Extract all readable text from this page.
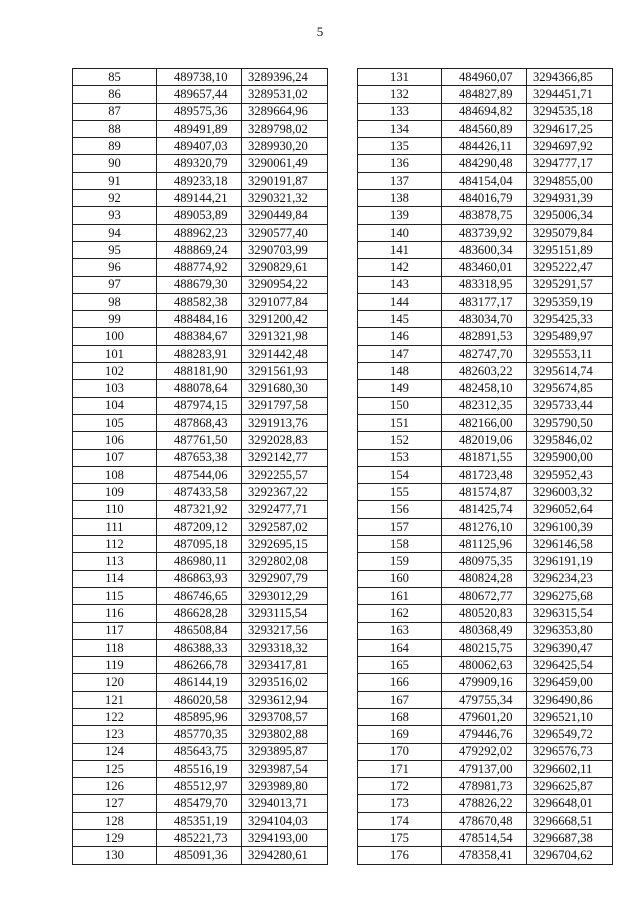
5
85	489738,10	3289396,24
86	489657,44	3289531,02
87	489575,36	3289664,96
88	489491,89	3289798,02
89	489407,03	3289930,20
90	489320,79	3290061,49
91	489233,18	3290191,87
92	489144,21	3290321,32
93	489053,89	3290449,84
94	488962,23	3290577,40
95	488869,24	3290703,99
96	488774,92	3290829,61
97	488679,30	3290954,22
98	488582,38	3291077,84
99	488484,16	3291200,42
100	488384,67	3291321,98
101	488283,91	3291442,48
102	488181,90	3291561,93
103	488078,64	3291680,30
104	487974,15	3291797,58
105	487868,43	3291913,76
106	487761,50	3292028,83
107	487653,38	3292142,77
108	487544,06	3292255,57
109	487433,58	3292367,22
110	487321,92	3292477,71
111	487209,12	3292587,02
112	487095,18	3292695,15
113	486980,11	3292802,08
114	486863,93	3292907,79
115	486746,65	3293012,29
116	486628,28	3293115,54
117	486508,84	3293217,56
118	486388,33	3293318,32
119	486266,78	3293417,81
120	486144,19	3293516,02
121	486020,58	3293612,94
122	485895,96	3293708,57
123	485770,35	3293802,88
124	485643,75	3293895,87
125	485516,19	3293987,54
126	485512,97	3293989,80
127	485479,70	3294013,71
128	485351,19	3294104,03
129	485221,73	3294193,00
130	485091,36	3294280,61
131	484960,07	3294366,85
132	484827,89	3294451,71
133	484694,82	3294535,18
134	484560,89	3294617,25
135	484426,11	3294697,92
136	484290,48	3294777,17
137	484154,04	3294855,00
138	484016,79	3294931,39
139	483878,75	3295006,34
140	483739,92	3295079,84
141	483600,34	3295151,89
142	483460,01	3295222,47
143	483318,95	3295291,57
144	483177,17	3295359,19
145	483034,70	3295425,33
146	482891,53	3295489,97
147	482747,70	3295553,11
148	482603,22	3295614,74
149	482458,10	3295674,85
150	482312,35	3295733,44
151	482166,00	3295790,50
152	482019,06	3295846,02
153	481871,55	3295900,00
154	481723,48	3295952,43
155	481574,87	3296003,32
156	481425,74	3296052,64
157	481276,10	3296100,39
158	481125,96	3296146,58
159	480975,35	3296191,19
160	480824,28	3296234,23
161	480672,77	3296275,68
162	480520,83	3296315,54
163	480368,49	3296353,80
164	480215,75	3296390,47
165	480062,63	3296425,54
166	479909,16	3296459,00
167	479755,34	3296490,86
168	479601,20	3296521,10
169	479446,76	3296549,72
170	479292,02	3296576,73
171	479137,00	3296602,11
172	478981,73	3296625,87
173	478826,22	3296648,01
174	478670,48	3296668,51
175	478514,54	3296687,38
176	478358,41	3296704,62
